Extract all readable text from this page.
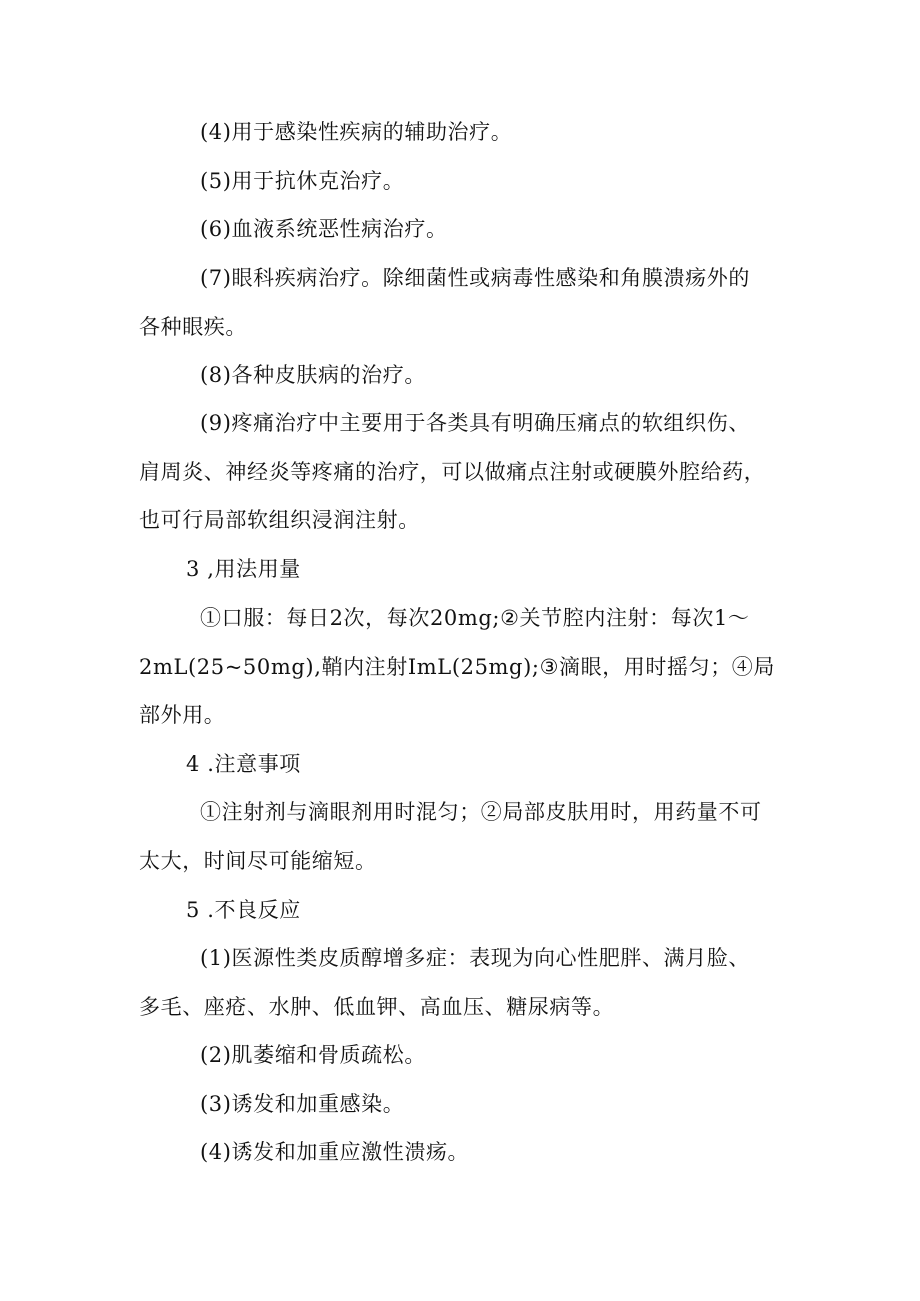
(4)用于感染性疾病的辅助治疗。

(5)用于抗休克治疗。

(6)血液系统恶性病治疗。

(7)眼科疾病治疗。除细菌性或病毒性感染和角膜溃疡外的
各种眼疾。

(8)各种皮肤病的治疗。

(9)疼痛治疗中主要用于各类具有明确压痛点的软组织伤、
肩周炎、神经炎等疼痛的治疗，可以做痛点注射或硬膜外腔给药，
也可行局部软组织浸润注射。

3 ,用法用量

①口服：每日2次，每次20mg;②关节腔内注射：每次1～
2mL(25~50mg),鞘内注射ImL(25mg);③滴眼，用时摇匀；④局
部外用。

4 .注意事项

①注射剂与滴眼剂用时混匀；②局部皮肤用时，用药量不可
太大，时间尽可能缩短。

5 .不良反应

(1)医源性类皮质醇增多症：表现为向心性肥胖、满月脸、
多毛、座疮、水肿、低血钾、高血压、糖尿病等。

(2)肌萎缩和骨质疏松。

(3)诱发和加重感染。

(4)诱发和加重应激性溃疡。
